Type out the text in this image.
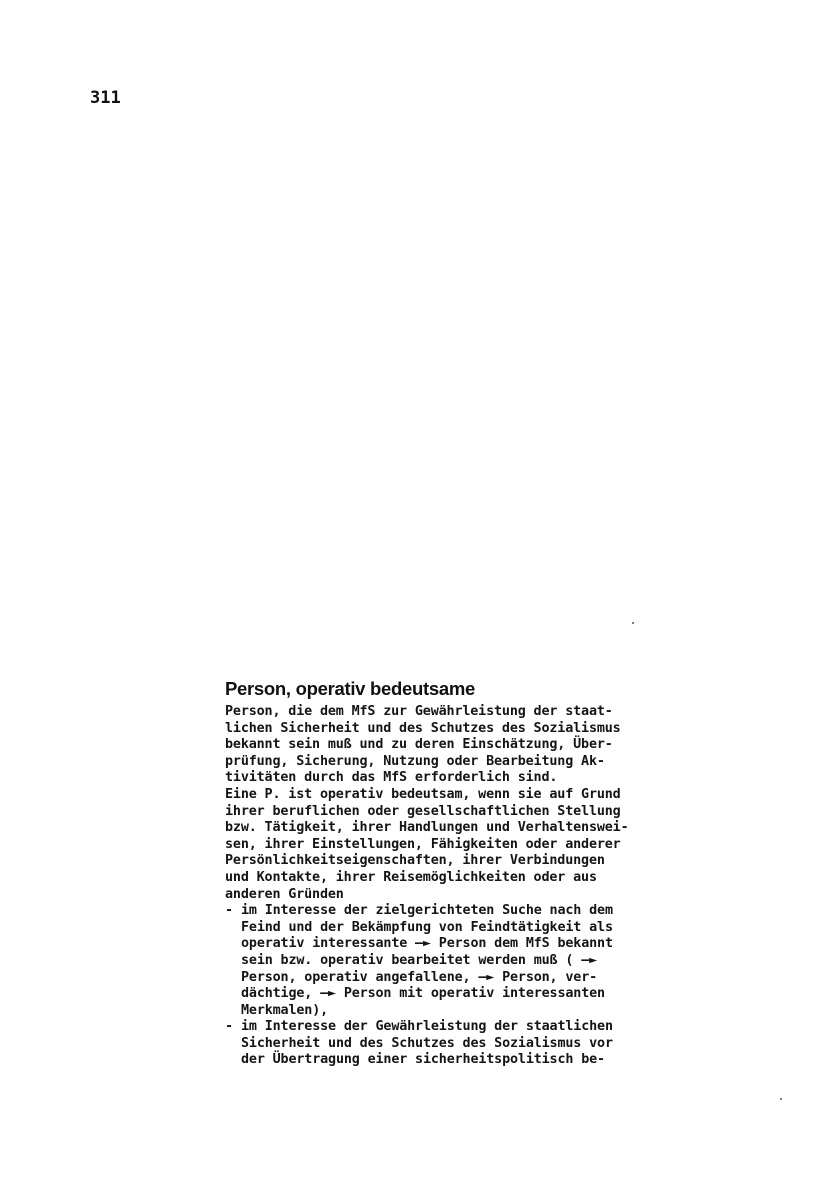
311
Person, operativ bedeutsame
Person, die dem MfS zur Gewährleistung der staat-
lichen Sicherheit und des Schutzes des Sozialismus
bekannt sein muß und zu deren Einschätzung, Über-
prüfung, Sicherung, Nutzung oder Bearbeitung Ak-
tivitäten durch das MfS erforderlich sind.
Eine P. ist operativ bedeutsam, wenn sie auf Grund
ihrer beruflichen oder gesellschaftlichen Stellung
bzw. Tätigkeit, ihrer Handlungen und Verhaltenswei-
sen, ihrer Einstellungen, Fähigkeiten oder anderer
Persönlichkeitseigenschaften, ihrer Verbindungen
und Kontakte, ihrer Reisemöglichkeiten oder aus
anderen Gründen
- im Interesse der zielgerichteten Suche nach dem
Feind und der Bekämpfung von Feindtätigkeit als
operativ interessante —► Person dem MfS bekannt
sein bzw. operativ bearbeitet werden muß ( —►
Person, operativ angefallene, —► Person, ver-
dächtige, —► Person mit operativ interessanten
Merkmalen),
- im Interesse der Gewährleistung der staatlichen
Sicherheit und des Schutzes des Sozialismus vor
der Übertragung einer sicherheitspolitisch be-
